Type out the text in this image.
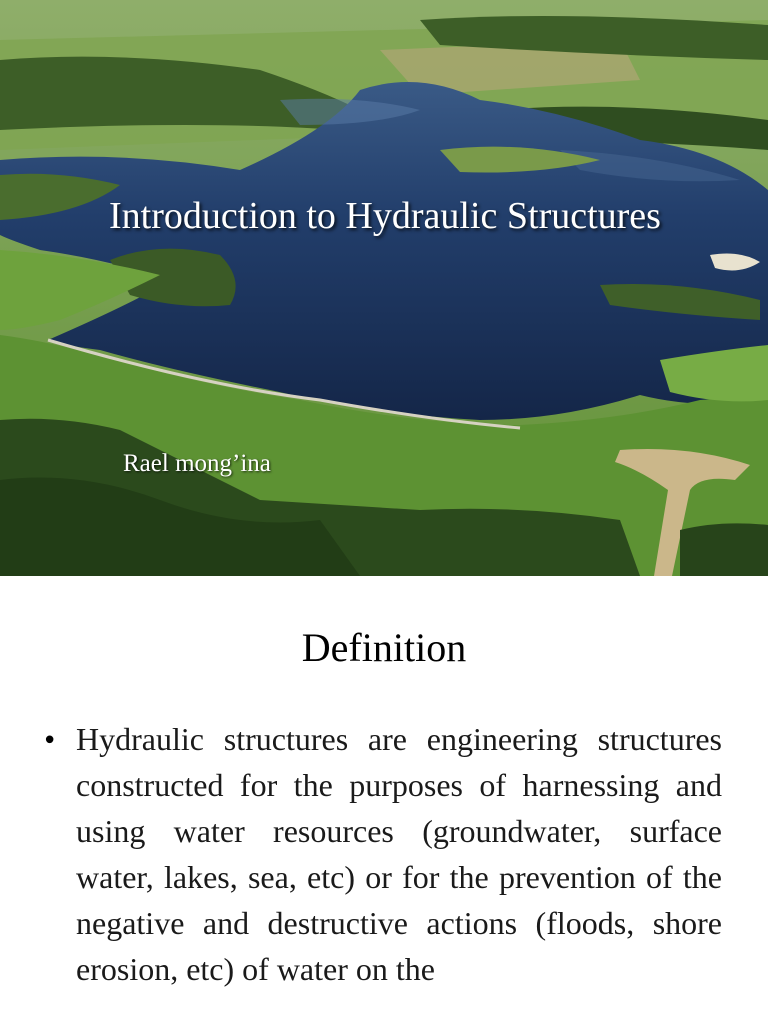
Introduction to Hydraulic Structures
Rael mong’ina
Definition
• Hydraulic structures are engineering structures constructed for the purposes of harnessing and using water resources (groundwater, surface water, lakes, sea, etc) or for the prevention of the negative and destructive actions (floods, shore erosion, etc) of water on the
